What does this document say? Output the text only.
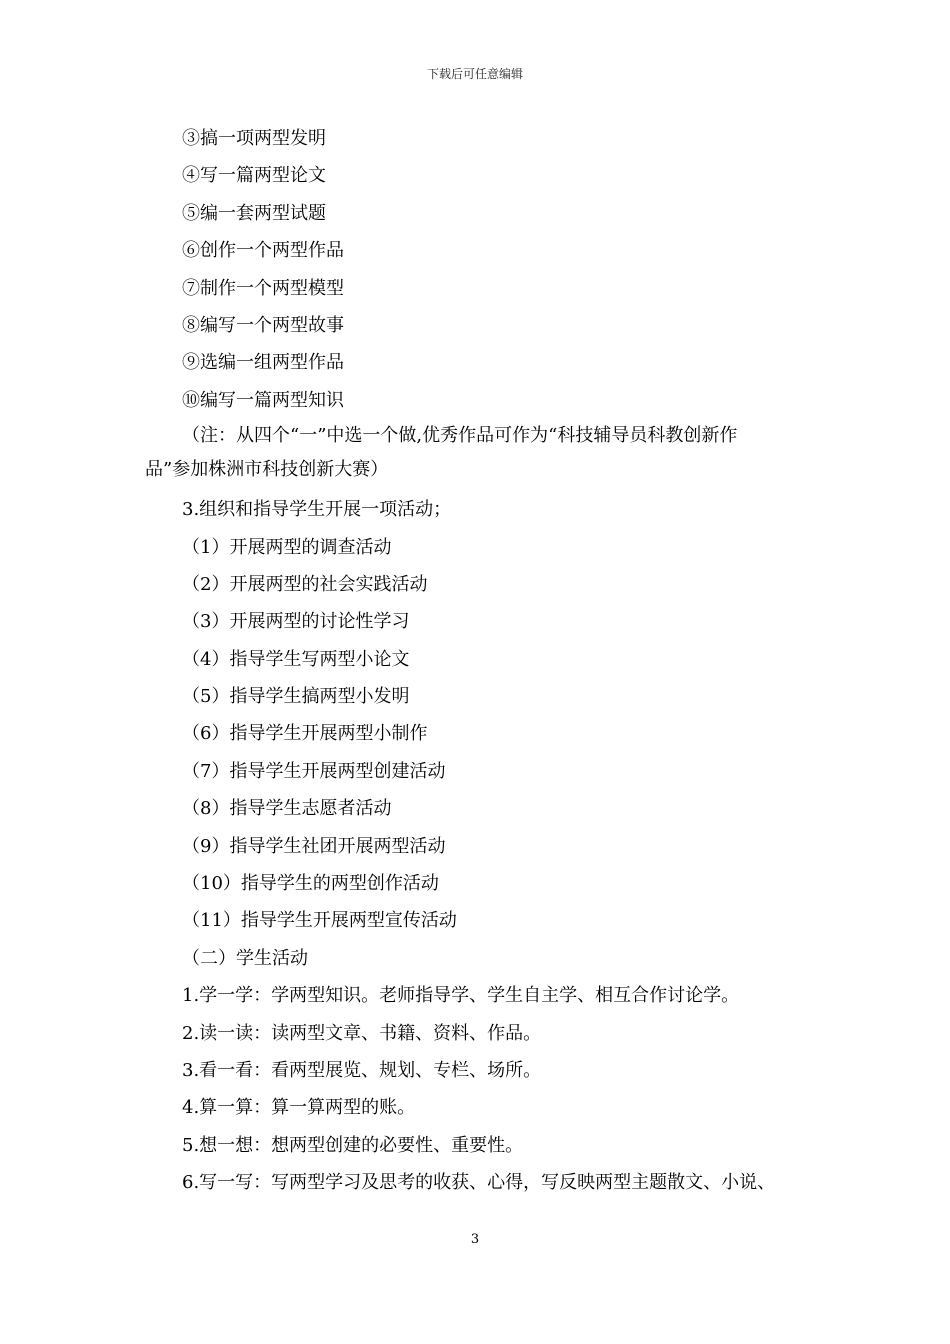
下载后可任意编辑
③搞一项两型发明
④写一篇两型论文
⑤编一套两型试题
⑥创作一个两型作品
⑦制作一个两型模型
⑧编写一个两型故事
⑨选编一组两型作品
⑩编写一篇两型知识
（注：从四个“一”中选一个做,优秀作品可作为“科技辅导员科教创新作
品”参加株洲市科技创新大赛）
3.组织和指导学生开展一项活动；
（1）开展两型的调查活动
（2）开展两型的社会实践活动
（3）开展两型的讨论性学习
（4）指导学生写两型小论文
（5）指导学生搞两型小发明
（6）指导学生开展两型小制作
（7）指导学生开展两型创建活动
（8）指导学生志愿者活动
（9）指导学生社团开展两型活动
（10）指导学生的两型创作活动
（11）指导学生开展两型宣传活动
（二）学生活动
1.学一学：学两型知识。老师指导学、学生自主学、相互合作讨论学。
2.读一读：读两型文章、书籍、资料、作品。
3.看一看：看两型展览、规划、专栏、场所。
4.算一算：算一算两型的账。
5.想一想：想两型创建的必要性、重要性。
6.写一写：写两型学习及思考的收获、心得，写反映两型主题散文、小说、
3
